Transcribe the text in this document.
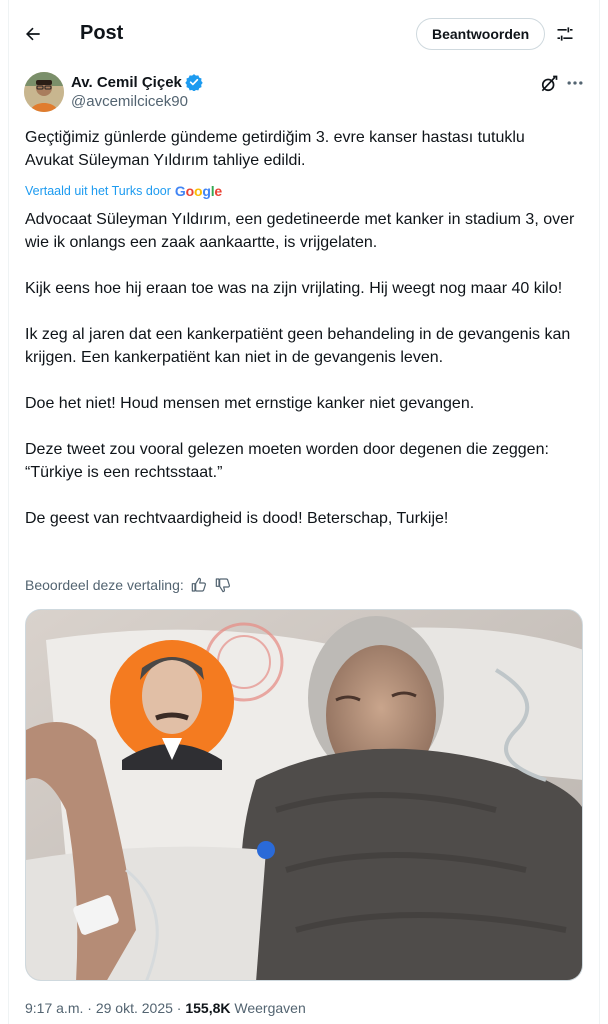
Post	Beantwoorden
Av. Cemil Çiçek
@avcemilcicek90
Geçtiğimiz günlerde gündeme getirdiğim 3. evre kanser hastası tutuklu
Avukat Süleyman Yıldırım tahliye edildi.
Vertaald uit het Turks door Google

Advocaat Süleyman Yıldırım, een gedetineerde met kanker in stadium 3, over wie ik onlangs een zaak aankaartte, is vrijgelaten.

Kijk eens hoe hij eraan toe was na zijn vrijlating. Hij weegt nog maar 40 kilo!

Ik zeg al jaren dat een kankerpatiënt geen behandeling in de gevangenis kan krijgen. Een kankerpatiënt kan niet in de gevangenis leven.

Doe het niet! Houd mensen met ernstige kanker niet gevangen.

Deze tweet zou vooral gelezen moeten worden door degenen die zeggen: “Türkiye is een rechtsstaat.”

De geest van rechtvaardigheid is dood! Beterschap, Turkije!

Beoordeel deze vertaling:
9:17 a.m. · 29 okt. 2025 · 155,8K Weergaven
